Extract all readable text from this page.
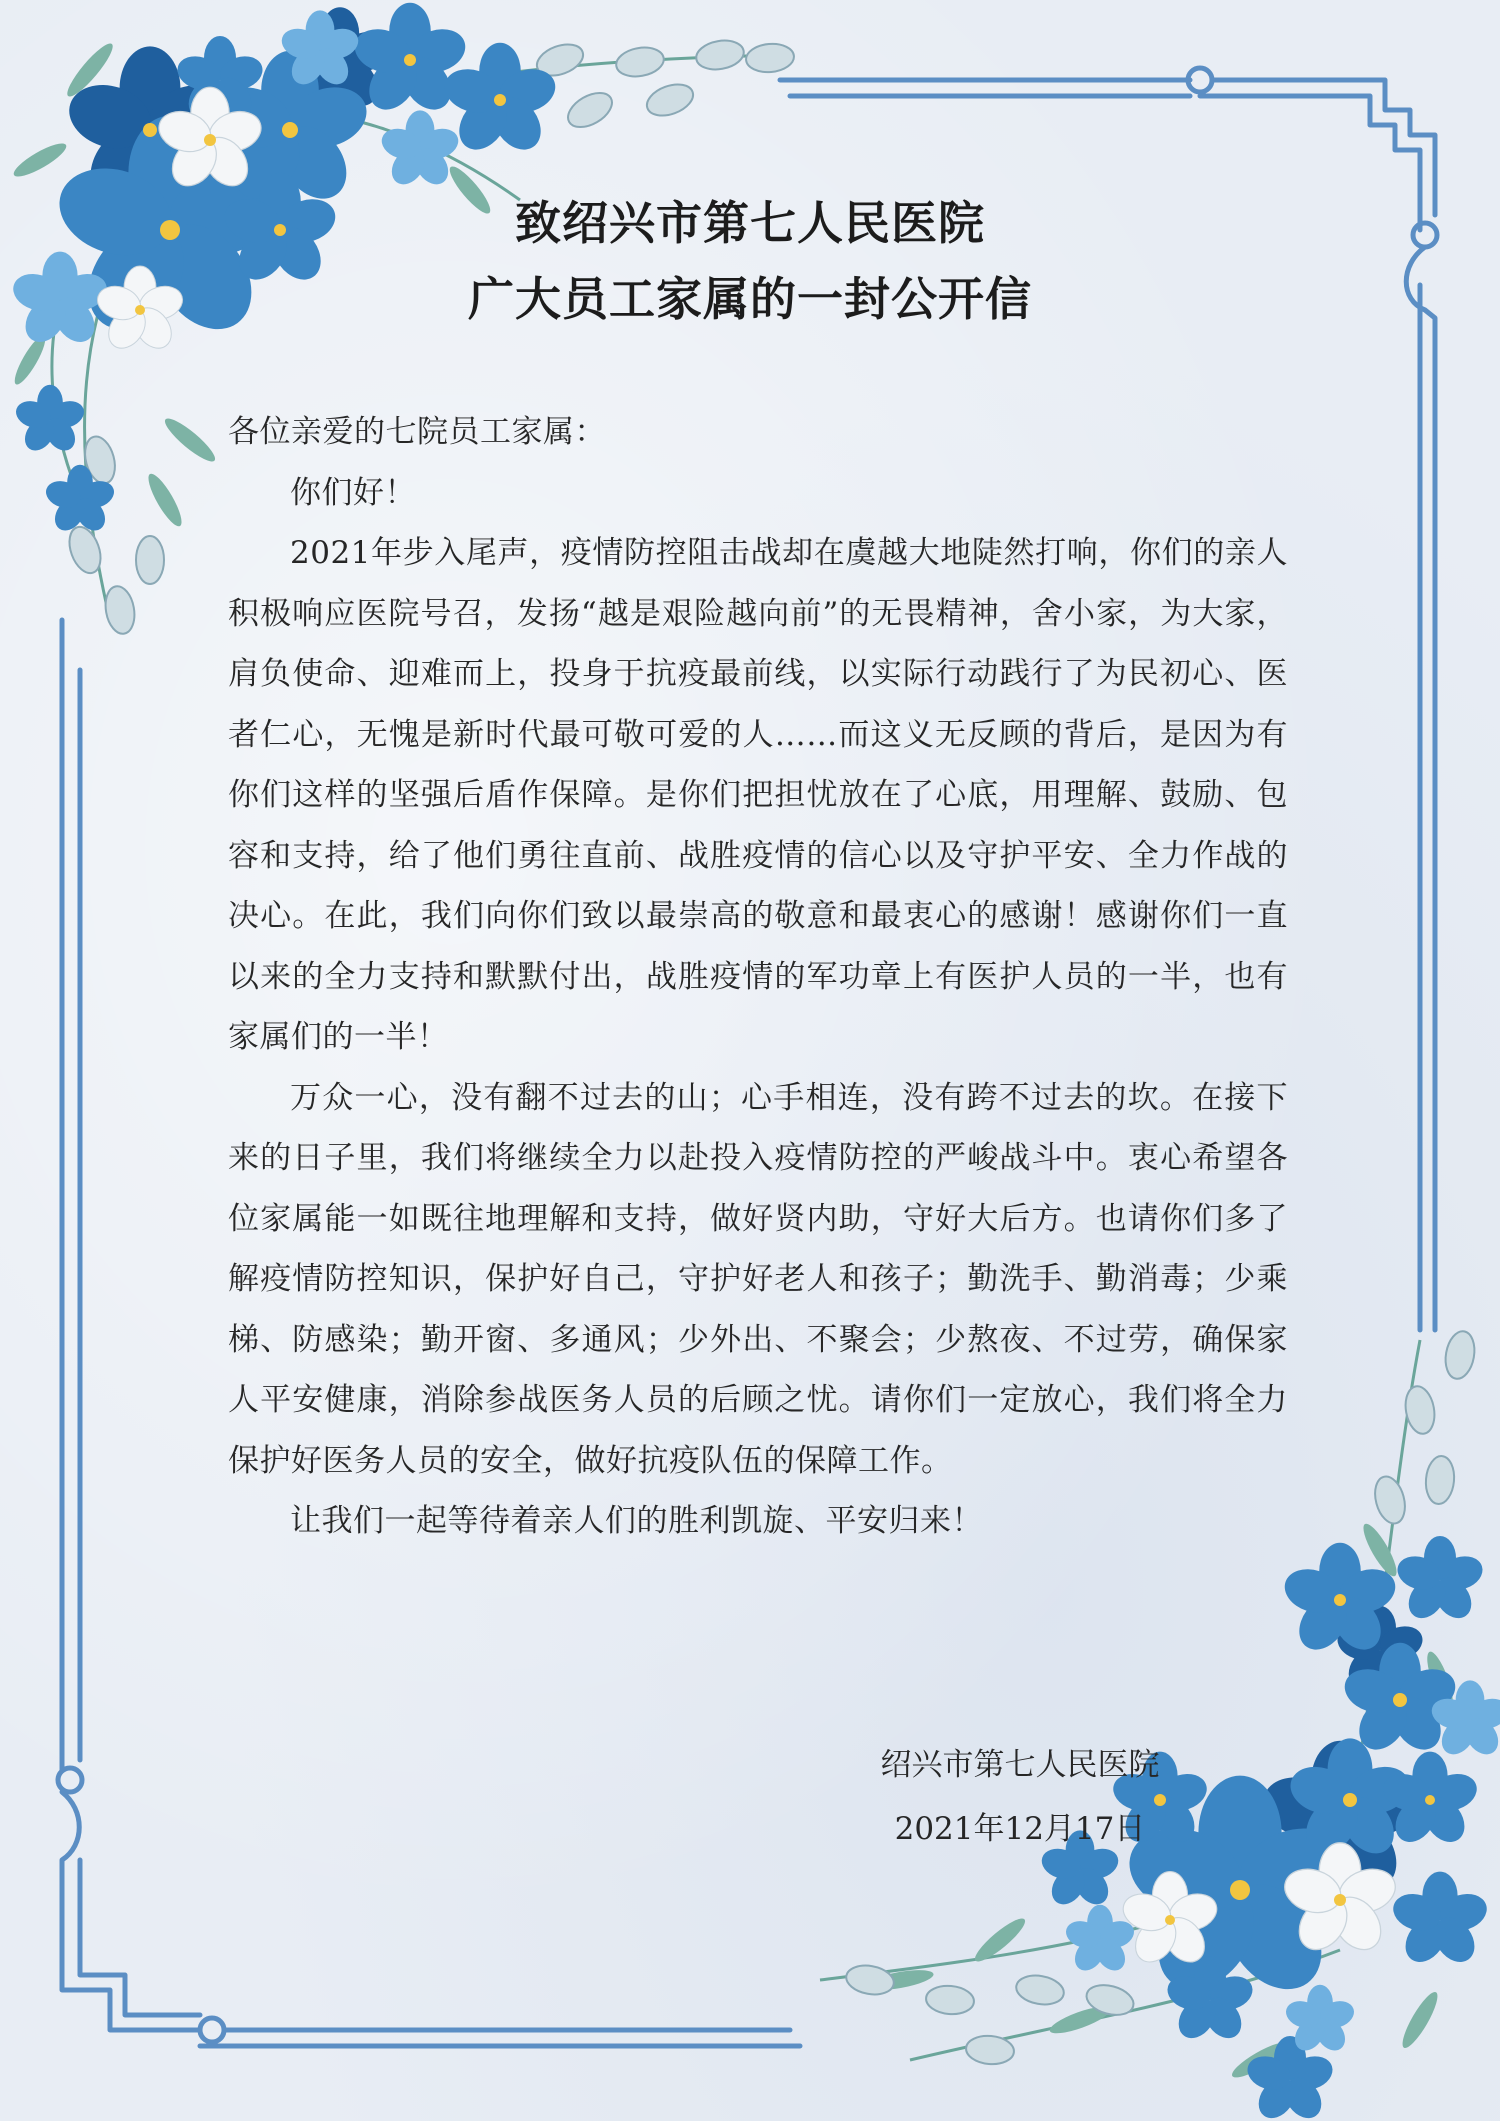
致绍兴市第七人民医院
广大员工家属的一封公开信

各位亲爱的七院员工家属：

你们好！

2021年步入尾声，疫情防控阻击战却在虞越大地陡然打响，你们的亲人积极响应医院号召，发扬“越是艰险越向前”的无畏精神，舍小家，为大家，肩负使命、迎难而上，投身于抗疫最前线，以实际行动践行了为民初心、医者仁心，无愧是新时代最可敬可爱的人……而这义无反顾的背后，是因为有你们这样的坚强后盾作保障。是你们把担忧放在了心底，用理解、鼓励、包容和支持，给了他们勇往直前、战胜疫情的信心以及守护平安、全力作战的决心。在此，我们向你们致以最崇高的敬意和最衷心的感谢！感谢你们一直以来的全力支持和默默付出，战胜疫情的军功章上有医护人员的一半，也有家属们的一半！

万众一心，没有翻不过去的山；心手相连，没有跨不过去的坎。在接下来的日子里，我们将继续全力以赴投入疫情防控的严峻战斗中。衷心希望各位家属能一如既往地理解和支持，做好贤内助，守好大后方。也请你们多了解疫情防控知识，保护好自己，守护好老人和孩子；勤洗手、勤消毒；少乘梯、防感染；勤开窗、多通风；少外出、不聚会；少熬夜、不过劳，确保家人平安健康，消除参战医务人员的后顾之忧。请你们一定放心，我们将全力保护好医务人员的安全，做好抗疫队伍的保障工作。

让我们一起等待着亲人们的胜利凯旋、平安归来！

绍兴市第七人民医院
2021年12月17日
